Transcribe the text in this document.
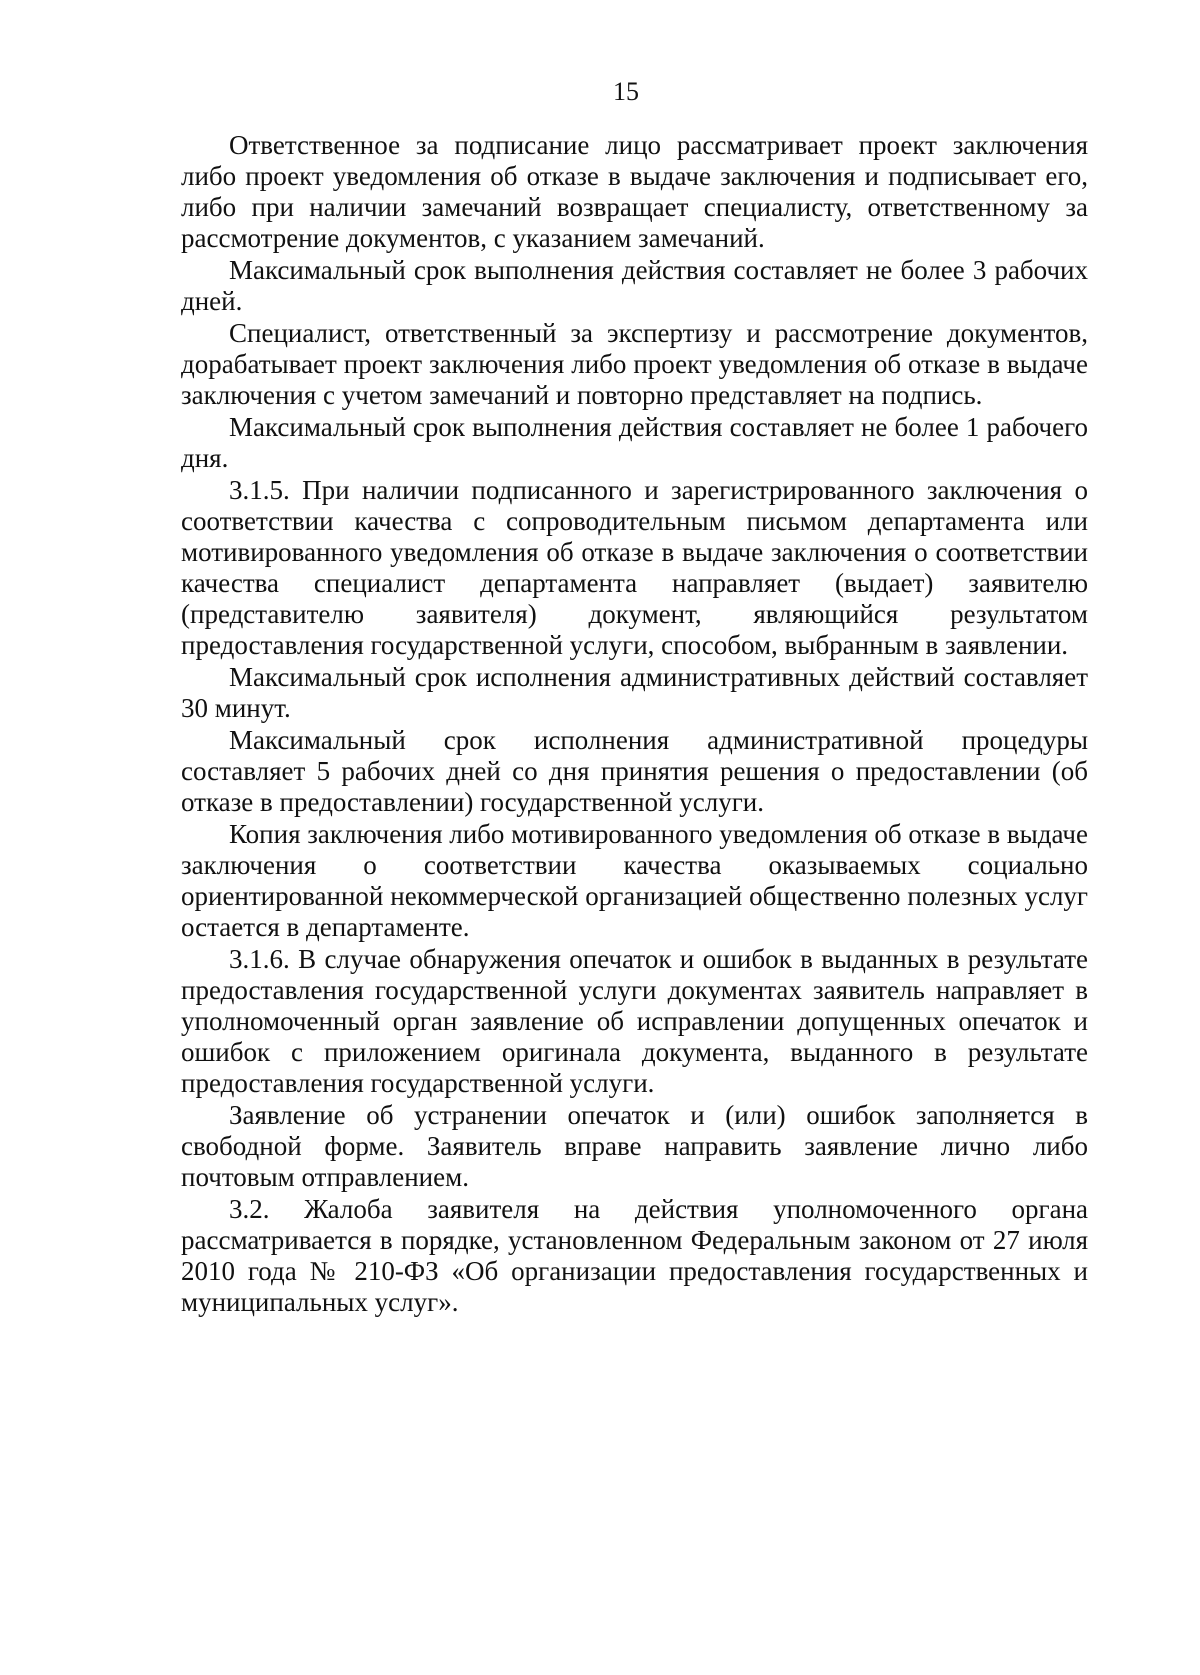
15

Ответственное за подписание лицо рассматривает проект заключения либо проект уведомления об отказе в выдаче заключения и подписывает его, либо при наличии замечаний возвращает специалисту, ответственному за рассмотрение документов, с указанием замечаний.

Максимальный срок выполнения действия составляет не более 3 рабочих дней.

Специалист, ответственный за экспертизу и рассмотрение документов, дорабатывает проект заключения либо проект уведомления об отказе в выдаче заключения с учетом замечаний и повторно представляет на подпись.

Максимальный срок выполнения действия составляет не более 1 рабочего дня.

3.1.5. При наличии подписанного и зарегистрированного заключения о соответствии качества с сопроводительным письмом департамента или мотивированного уведомления об отказе в выдаче заключения о соответствии качества специалист департамента направляет (выдает) заявителю (представителю заявителя) документ, являющийся результатом предоставления государственной услуги, способом, выбранным в заявлении.

Максимальный срок исполнения административных действий составляет 30 минут.

Максимальный срок исполнения административной процедуры составляет 5 рабочих дней со дня принятия решения о предоставлении (об отказе в предоставлении) государственной услуги.

Копия заключения либо мотивированного уведомления об отказе в выдаче заключения о соответствии качества оказываемых социально ориентированной некоммерческой организацией общественно полезных услуг остается в департаменте.

3.1.6. В случае обнаружения опечаток и ошибок в выданных в результате предоставления государственной услуги документах заявитель направляет в уполномоченный орган заявление об исправлении допущенных опечаток и ошибок с приложением оригинала документа, выданного в результате предоставления государственной услуги.

Заявление об устранении опечаток и (или) ошибок заполняется в свободной форме. Заявитель вправе направить заявление лично либо почтовым отправлением.

3.2. Жалоба заявителя на действия уполномоченного органа рассматривается в порядке, установленном Федеральным законом от 27 июля 2010 года № 210-ФЗ «Об организации предоставления государственных и муниципальных услуг».
